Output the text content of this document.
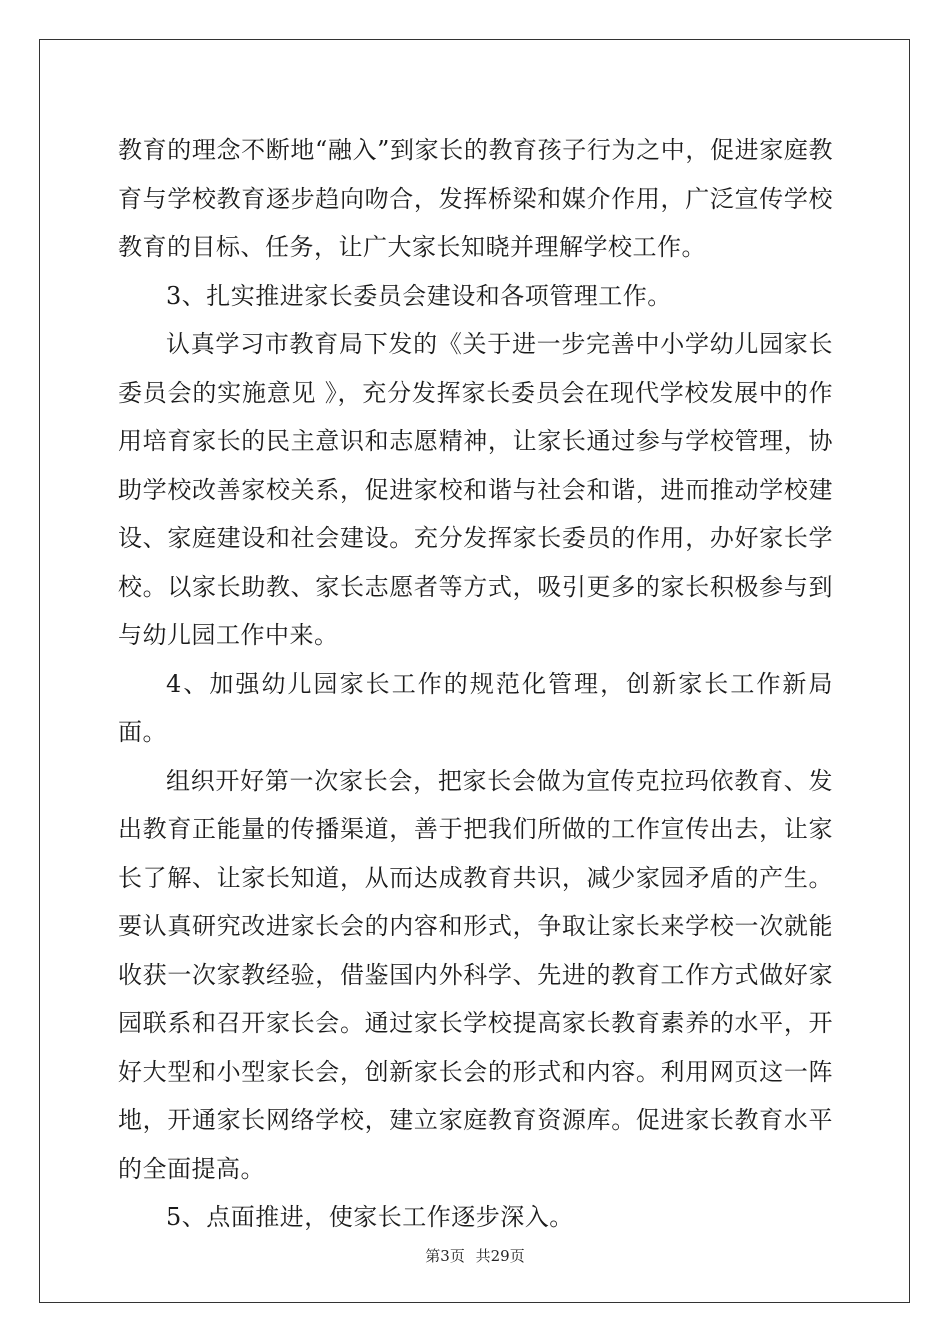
教育的理念不断地“融入”到家长的教育孩子行为之中，促进家庭教育与学校教育逐步趋向吻合，发挥桥梁和媒介作用，广泛宣传学校教育的目标、任务，让广大家长知晓并理解学校工作。

3、扎实推进家长委员会建设和各项管理工作。

认真学习市教育局下发的《关于进一步完善中小学幼儿园家长委员会的实施意见 》，充分发挥家长委员会在现代学校发展中的作用培育家长的民主意识和志愿精神，让家长通过参与学校管理，协助学校改善家校关系，促进家校和谐与社会和谐，进而推动学校建设、家庭建设和社会建设。充分发挥家长委员的作用，办好家长学校。以家长助教、家长志愿者等方式，吸引更多的家长积极参与到与幼儿园工作中来。

4、加强幼儿园家长工作的规范化管理，创新家长工作新局面。

组织开好第一次家长会，把家长会做为宣传克拉玛依教育、发出教育正能量的传播渠道，善于把我们所做的工作宣传出去，让家长了解、让家长知道，从而达成教育共识，减少家园矛盾的产生。要认真研究改进家长会的内容和形式，争取让家长来学校一次就能收获一次家教经验，借鉴国内外科学、先进的教育工作方式做好家园联系和召开家长会。通过家长学校提高家长教育素养的水平，开好大型和小型家长会，创新家长会的形式和内容。利用网页这一阵地，开通家长网络学校，建立家庭教育资源库。促进家长教育水平的全面提高。

5、点面推进，使家长工作逐步深入。

第3页 共29页
